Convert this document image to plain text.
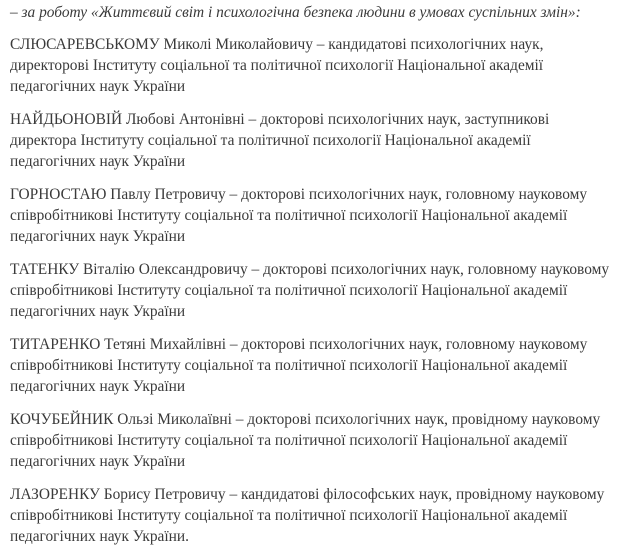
– за роботу «Життєвий світ і психологічна безпека людини в умовах суспільних змін»:

СЛЮСАРЕВСЬКОМУ Миколі Миколайовичу – кандидатові психологічних наук, директорові Інституту соціальної та політичної психології Національної академії педагогічних наук України

НАЙДЬОНОВІЙ Любові Антонівні – докторові психологічних наук, заступникові директора Інституту соціальної та політичної психології Національної академії педагогічних наук України

ГОРНОСТАЮ Павлу Петровичу – докторові психологічних наук, головному науковому співробітникові Інституту соціальної та політичної психології Національної академії педагогічних наук України

ТАТЕНКУ Віталію Олександровичу – докторові психологічних наук, головному науковому співробітникові Інституту соціальної та політичної психології Національної академії педагогічних наук України

ТИТАРЕНКО Тетяні Михайлівні – докторові психологічних наук, головному науковому співробітникові Інституту соціальної та політичної психології Національної академії педагогічних наук України

КОЧУБЕЙНИК Ользі Миколаївні – докторові психологічних наук, провідному науковому співробітникові Інституту соціальної та політичної психології Національної академії педагогічних наук України

ЛАЗОРЕНКУ Борису Петровичу – кандидатові філософських наук, провідному науковому співробітникові Інституту соціальної та політичної психології Національної академії педагогічних наук України.
